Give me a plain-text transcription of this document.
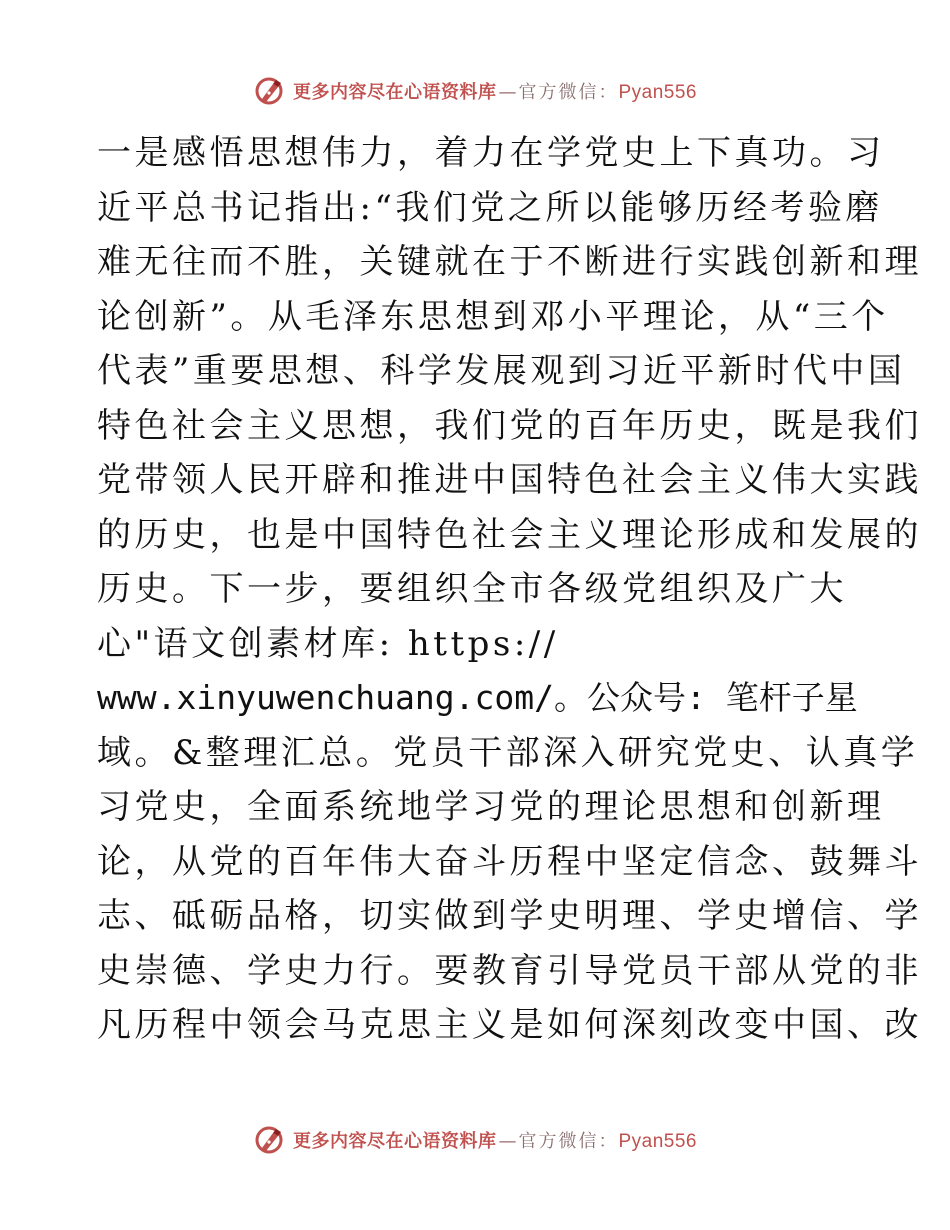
更多内容尽在心语资料库 — 官方微信： Pyan556
一是感悟思想伟力，着力在学党史上下真功。习
近平总书记指出:“我们党之所以能够历经考验磨
难无往而不胜，关键就在于不断进行实践创新和理
论创新”。从毛泽东思想到邓小平理论，从“三个
代表”重要思想、科学发展观到习近平新时代中国
特色社会主义思想，我们党的百年历史，既是我们
党带领人民开辟和推进中国特色社会主义伟大实践
的历史，也是中国特色社会主义理论形成和发展的
历史。下一步，要组织全市各级党组织及广大
心"语文创素材库: https://
www.xinyuwenchuang.com/。公众号: 笔杆子星
域。&整理汇总。党员干部深入研究党史、认真学
习党史，全面系统地学习党的理论思想和创新理
论，从党的百年伟大奋斗历程中坚定信念、鼓舞斗
志、砥砺品格，切实做到学史明理、学史增信、学
史崇德、学史力行。要教育引导党员干部从党的非
凡历程中领会马克思主义是如何深刻改变中国、改
更多内容尽在心语资料库 — 官方微信： Pyan556
